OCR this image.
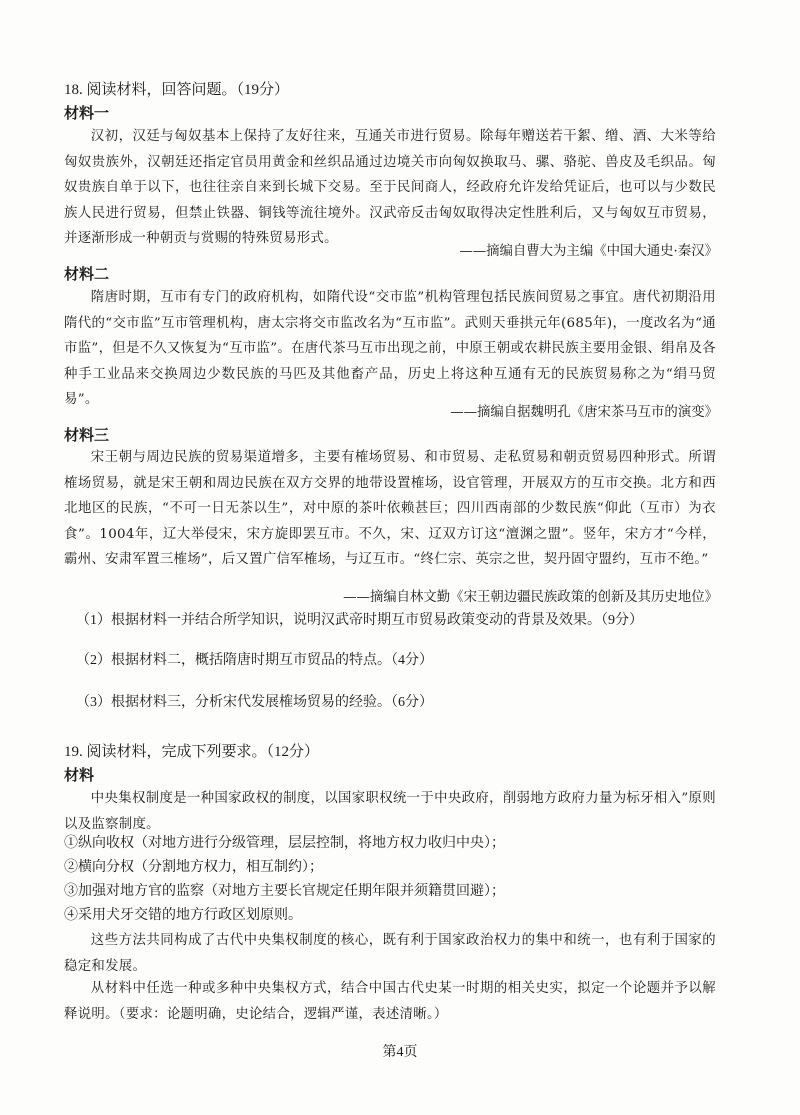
18. 阅读材料，回答问题。（19分）
材料一
汉初，汉廷与匈奴基本上保持了友好往来，互通关市进行贸易。除每年赠送若干絮、缯、酒、大米等给匈奴贵族外，汉朝廷还指定官员用黄金和丝织品通过边境关市向匈奴换取马、骡、骆驼、兽皮及毛织品。匈奴贵族自单于以下，也往往亲自来到长城下交易。至于民间商人，经政府允许发给凭证后，也可以与少数民族人民进行贸易，但禁止铁器、铜钱等流往境外。汉武帝反击匈奴取得决定性胜利后，又与匈奴互市贸易，并逐渐形成一种朝贡与赏赐的特殊贸易形式。
——摘编自曹大为主编《中国大通史·秦汉》
材料二
隋唐时期，互市有专门的政府机构，如隋代设“交市监”机构管理包括民族间贸易之事宜。唐代初期沿用隋代的“交市监”互市管理机构，唐太宗将交市监改名为“互市监”。武则天垂拱元年(685年)，一度改名为“通市监”，但是不久又恢复为“互市监”。在唐代茶马互市出现之前，中原王朝或农耕民族主要用金银、绢帛及各种手工业品来交换周边少数民族的马匹及其他畜产品，历史上将这种互通有无的民族贸易称之为“绢马贸易”。
——摘编自据魏明孔《唐宋茶马互市的演变》
材料三
宋王朝与周边民族的贸易渠道增多，主要有榷场贸易、和市贸易、走私贸易和朝贡贸易四种形式。所谓榷场贸易，就是宋王朝和周边民族在双方交界的地带设置榷场，设官管理，开展双方的互市交换。北方和西北地区的民族，“不可一日无茶以生”，对中原的茶叶依赖甚巨；四川西南部的少数民族“仰此（互市）为衣食”。1004年，辽大举侵宋，宋方旋即罢互市。不久，宋、辽双方订这“澶渊之盟”。竖年，宋方才“今样，霸州、安肃军置三榷场”，后又置广信军榷场，与辽互市。“终仁宗、英宗之世，契丹固守盟约，互市不绝。”
——摘编自林文勤《宋王朝边疆民族政策的创新及其历史地位》
（1）根据材料一并结合所学知识，说明汉武帝时期互市贸易政策变动的背景及效果。（9分）
（2）根据材料二，概括隋唐时期互市贸品的特点。（4分）
（3）根据材料三，分析宋代发展榷场贸易的经验。（6分）
19. 阅读材料，完成下列要求。（12分）
材料
中央集权制度是一种国家政权的制度，以国家职权统一于中央政府，削弱地方政府力量为标牙相入”原则以及监察制度。
①纵向收权（对地方进行分级管理，层层控制，将地方权力收归中央）；
②横向分权（分割地方权力，相互制约）；
③加强对地方官的监察（对地方主要长官规定任期年限并须籍贯回避）；
④采用犬牙交错的地方行政区划原则。
这些方法共同构成了古代中央集权制度的核心，既有利于国家政治权力的集中和统一，也有利于国家的稳定和发展。
从材料中任选一种或多种中央集权方式，结合中国古代史某一时期的相关史实，拟定一个论题并予以解释说明。（要求：论题明确，史论结合，逻辑严谨，表述清晰。）
第4页
